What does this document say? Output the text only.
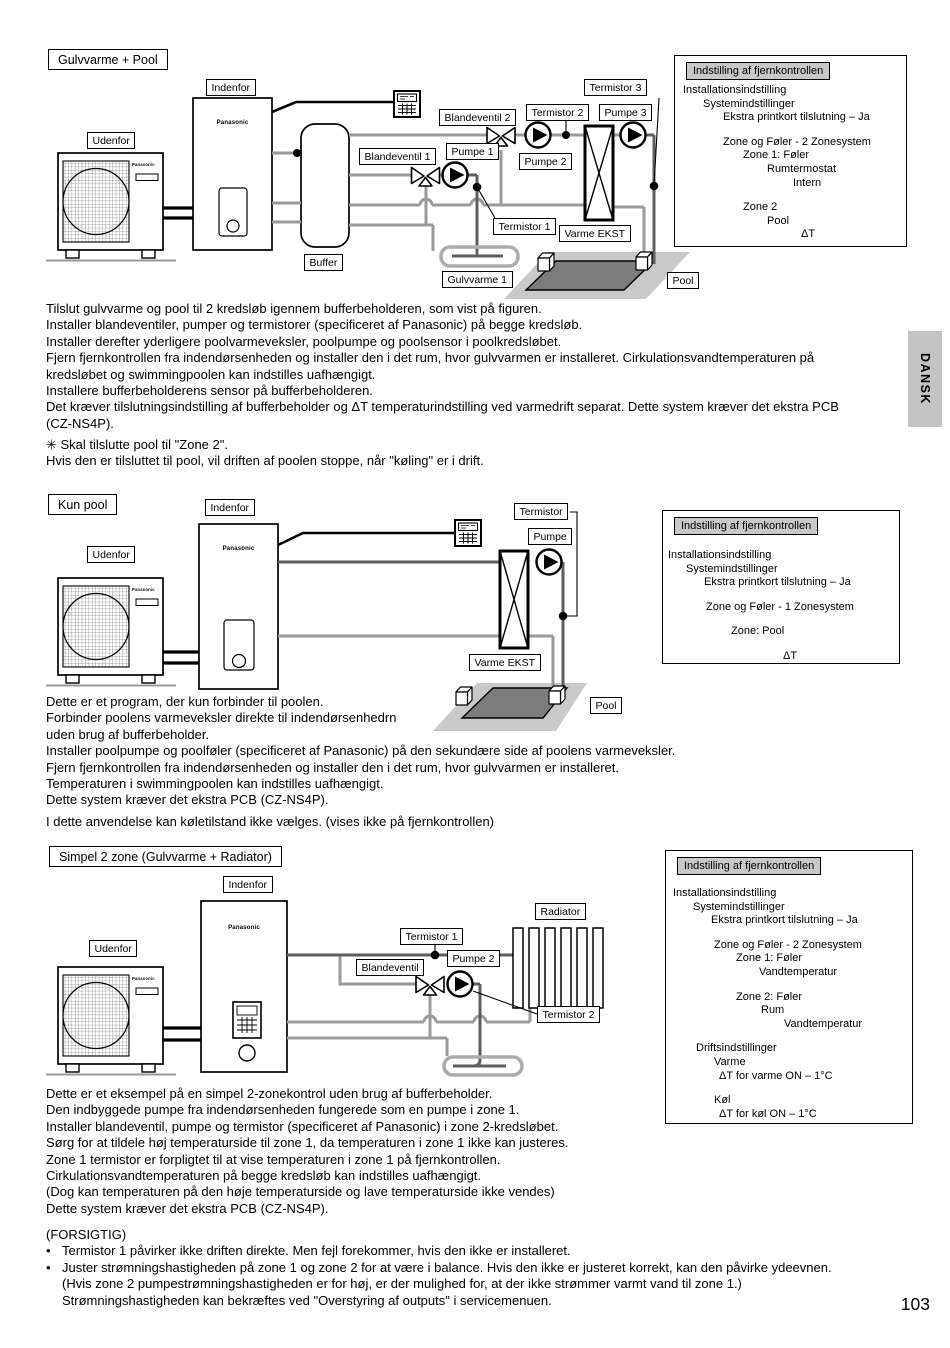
Gulvvarme + Pool
Indenfor
Udenfor
Termistor 3
Blandeventil 2	Termistor 2	Pumpe 3
Blandeventil 1	Pumpe 1
Pumpe 2
Termistor 1
Varme EKST
Buffer
Gulvvarme 1	Pool
Panasonic
Panasonic
Indstilling af fjernkontrollen
Installationsindstilling
Systemindstillinger
Ekstra printkort tilslutning – Ja
Zone og Føler - 2 Zonesystem
Zone 1: Føler
Rumtermostat
Intern
Zone 2
Pool
ΔT
Tilslut gulvvarme og pool til 2 kredsløb igennem bufferbeholderen, som vist på figuren.
Installer blandeventiler, pumper og termistorer (specificeret af Panasonic) på begge kredsløb.
Installer derefter yderligere poolvarmeveksler, poolpumpe og poolsensor i poolkredsløbet.
Fjern fjernkontrollen fra indendørsenheden og installer den i det rum, hvor gulvvarmen er installeret. Cirkulationsvandtemperaturen på
kredsløbet og swimmingpoolen kan indstilles uafhængigt.
Installere bufferbeholderens sensor på bufferbeholderen.
Det kræver tilslutningsindstilling af bufferbeholder og ΔT temperaturindstilling ved varmedrift separat. Dette system kræver det ekstra PCB
(CZ-NS4P).
✳ Skal tilslutte pool til "Zone 2".
Hvis den er tilsluttet til pool, vil driften af poolen stoppe, når "køling" er i drift.
Kun pool	Indenfor
Udenfor
Termistor
Pumpe
Varme EKST
Pool
Panasonic
Panasonic
Indstilling af fjernkontrollen
Installationsindstilling
Systemindstillinger
Ekstra printkort tilslutning – Ja
Zone og Føler - 1 Zonesystem
Zone: Pool
ΔT
Dette er et program, der kun forbinder til poolen.
Forbinder poolens varmeveksler direkte til indendørsenhedrn
uden brug af bufferbeholder.
Installer poolpumpe og poolføler (specificeret af Panasonic) på den sekundære side af poolens varmeveksler.
Fjern fjernkontrollen fra indendørsenheden og installer den i det rum, hvor gulvvarmen er installeret.
Temperaturen i swimmingpoolen kan indstilles uafhængigt.
Dette system kræver det ekstra PCB (CZ-NS4P).
I dette anvendelse kan køletilstand ikke vælges. (vises ikke på fjernkontrollen)
Simpel 2 zone (Gulvvarme + Radiator)
Indenfor
Udenfor
Radiator
Termistor 1
Blandeventil
Pumpe 2
Termistor 2
Panasonic
Panasonic
Indstilling af fjernkontrollen
Installationsindstilling
Systemindstillinger
Ekstra printkort tilslutning – Ja
Zone og Føler - 2 Zonesystem
Zone 1: Føler
Vandtemperatur
Zone 2: Føler
Rum
Vandtemperatur
Driftsindstillinger
Varme
ΔT for varme ON – 1°C
Køl
ΔT for køl ON – 1°C
Dette er et eksempel på en simpel 2-zonekontrol uden brug af bufferbeholder.
Den indbyggede pumpe fra indendørsenheden fungerede som en pumpe i zone 1.
Installer blandeventil, pumpe og termistor (specificeret af Panasonic) i zone 2-kredsløbet.
Sørg for at tildele høj temperaturside til zone 1, da temperaturen i zone 1 ikke kan justeres.
Zone 1 termistor er forpligtet til at vise temperaturen i zone 1 på fjernkontrollen.
Cirkulationsvandtemperaturen på begge kredsløb kan indstilles uafhængigt.
(Dog kan temperaturen på den høje temperaturside og lave temperaturside ikke vendes)
Dette system kræver det ekstra PCB (CZ-NS4P).
(FORSIGTIG)
• Termistor 1 påvirker ikke driften direkte. Men fejl forekommer, hvis den ikke er installeret.
• Juster strømningshastigheden på zone 1 og zone 2 for at være i balance. Hvis den ikke er justeret korrekt, kan den påvirke ydeevnen.
(Hvis zone 2 pumpestrømningshastigheden er for høj, er der mulighed for, at der ikke strømmer varmt vand til zone 1.)
Strømningshastigheden kan bekræftes ved "Overstyring af outputs" i servicemenuen.
DANSK
103
